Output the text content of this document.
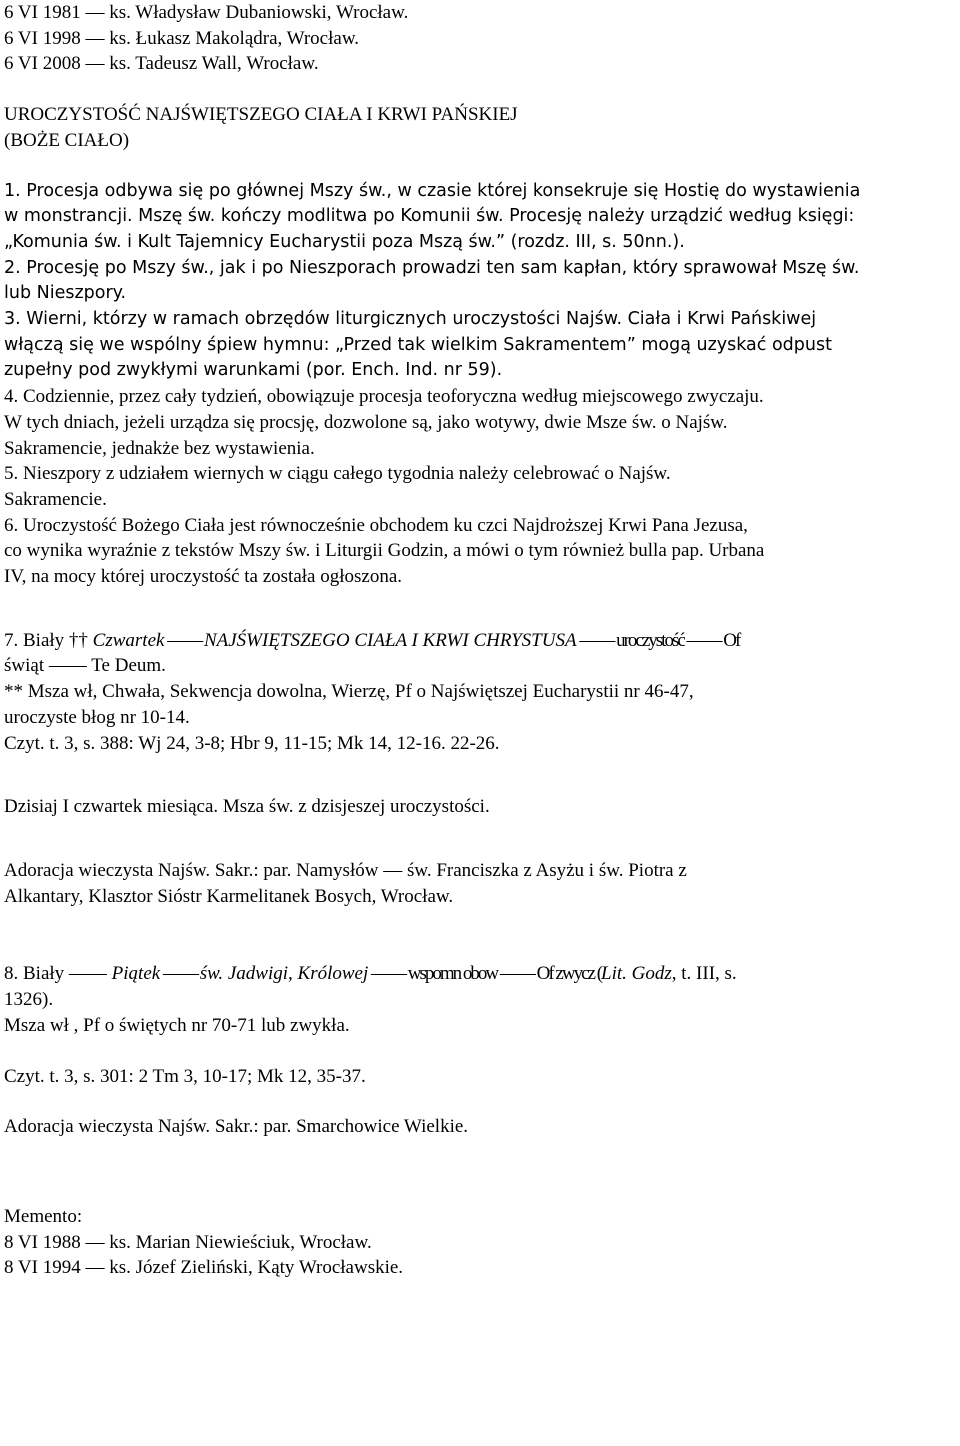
6 VI 1981 — ks. Władysław Dubaniowski, Wrocław.
6 VI 1998 — ks. Łukasz Makolądra, Wrocław.
6 VI 2008 — ks. Tadeusz Wall, Wrocław.
UROCZYSTOŚĆ NAJŚWIĘTSZEGO CIAŁA I KRWI PAŃSKIEJ
(BOŻE CIAŁO)
1. Procesja odbywa się po głównej Mszy św., w czasie której konsekruje się Hostię do wystawienia
w monstrancji. Mszę św. kończy modlitwa po Komunii św. Procesję należy urządzić według księgi:
„Komunia św. i Kult Tajemnicy Eucharystii poza Mszą św.” (rozdz. III, s. 50nn.).
2. Procesję po Mszy św., jak i po Nieszporach prowadzi ten sam kapłan, który sprawował Mszę św.
lub Nieszpory.
3. Wierni, którzy w ramach obrzędów liturgicznych uroczystości Najśw. Ciała i Krwi Pańskiwej
włączą się we wspólny śpiew hymnu: „Przed tak wielkim Sakramentem” mogą uzyskać odpust
zupełny pod zwykłymi warunkami (por. Ench. Ind. nr 59).
4. Codziennie, przez cały tydzień, obowiązuje procesja teoforyczna według miejscowego zwyczaju.
W tych dniach, jeżeli urządza się procsję, dozwolone są, jako wotywy, dwie Msze św. o Najśw.
Sakramencie, jednakże bez wystawienia.
5. Nieszpory z udziałem wiernych w ciągu całego tygodnia należy celebrować o Najśw.
Sakramencie.
6. Uroczystość Bożego Ciała jest równocześnie obchodem ku czci Najdroższej Krwi Pana Jezusa,
co wynika wyraźnie z tekstów Mszy św. i Liturgii Godzin, a mówi o tym również bulla pap. Urbana
IV, na mocy której uroczystość ta została ogłoszona.
7. Biały †† Czwartek —— NAJŚWIĘTSZEGO CIAŁA I KRWI CHRYSTUSA —— uroczystość —— Of
świąt —— Te Deum.
** Msza wł, Chwała, Sekwencja dowolna, Wierzę, Pf o Najświętszej Eucharystii nr 46-47,
uroczyste błog nr 10-14.
Czyt. t. 3, s. 388: Wj 24, 3-8; Hbr 9, 11-15; Mk 14, 12-16. 22-26.
Dzisiaj I czwartek miesiąca. Msza św. z dzisjeszej uroczystości.
Adoracja wieczysta Najśw. Sakr.: par. Namysłów — św. Franciszka z Asyżu i św. Piotra z
Alkantary, Klasztor Sióstr Karmelitanek Bosych, Wrocław.
8. Biały —— Piątek —— św. Jadwigi, Królowej —— wspomn obow —— Of zwycz (Lit. Godz, t. III, s.
1326).
Msza wł , Pf o świętych nr 70-71 lub zwykła.
Czyt. t. 3, s. 301: 2 Tm 3, 10-17; Mk 12, 35-37.
Adoracja wieczysta Najśw. Sakr.: par. Smarchowice Wielkie.
Memento:
8 VI 1988 — ks. Marian Niewieściuk, Wrocław.
8 VI 1994 — ks. Józef Zieliński, Kąty Wrocławskie.
